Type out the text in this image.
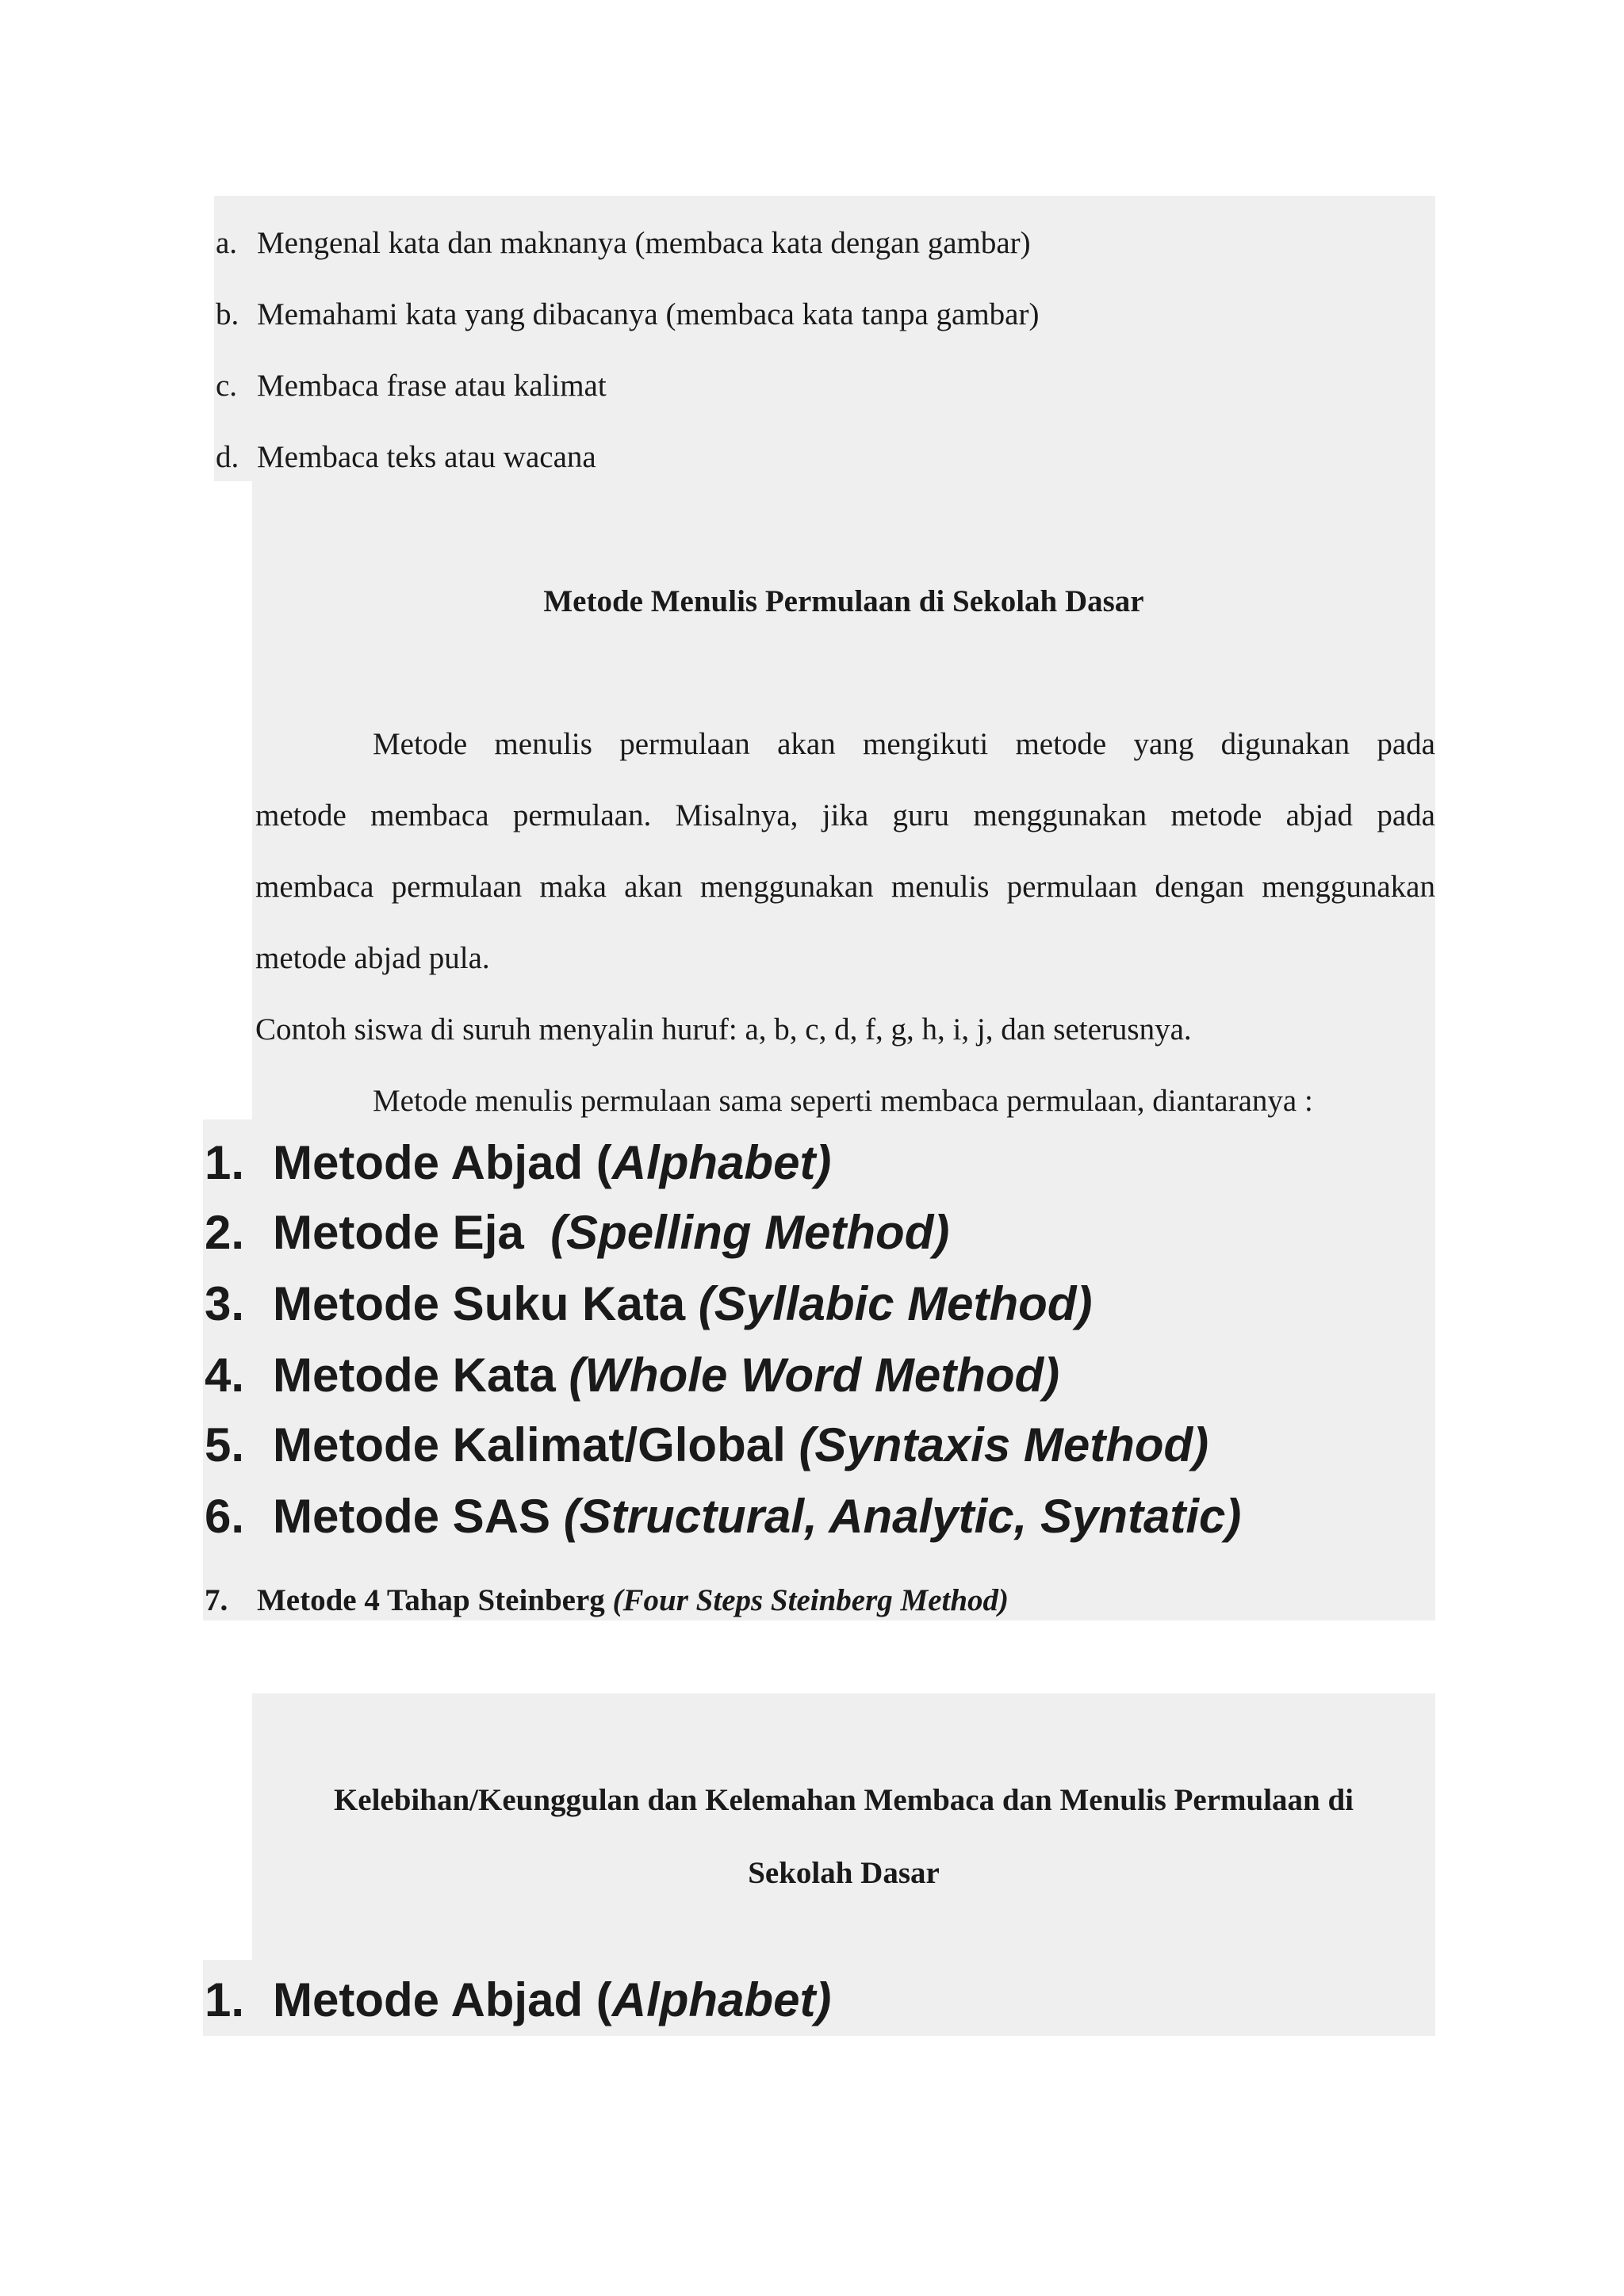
a. Mengenal kata dan maknanya (membaca kata dengan gambar)
b. Memahami kata yang dibacanya (membaca kata tanpa gambar)
c. Membaca frase atau kalimat
d. Membaca teks atau wacana
Metode Menulis Permulaan di Sekolah Dasar
Metode menulis permulaan akan mengikuti metode yang digunakan pada
metode membaca permulaan. Misalnya, jika guru menggunakan metode abjad pada
membaca permulaan maka akan menggunakan menulis permulaan dengan menggunakan
metode abjad pula.
Contoh siswa di suruh menyalin huruf: a, b, c, d, f, g, h, i, j, dan seterusnya.
Metode menulis permulaan sama seperti membaca permulaan, diantaranya :
1. Metode Abjad (Alphabet)
2. Metode Eja  (Spelling Method)
3. Metode Suku Kata (Syllabic Method)
4. Metode Kata (Whole Word Method)
5. Metode Kalimat/Global (Syntaxis Method)
6. Metode SAS (Structural, Analytic, Syntatic)
7. Metode 4 Tahap Steinberg (Four Steps Steinberg Method)
Kelebihan/Keunggulan dan Kelemahan Membaca dan Menulis Permulaan di
Sekolah Dasar
1. Metode Abjad (Alphabet)
